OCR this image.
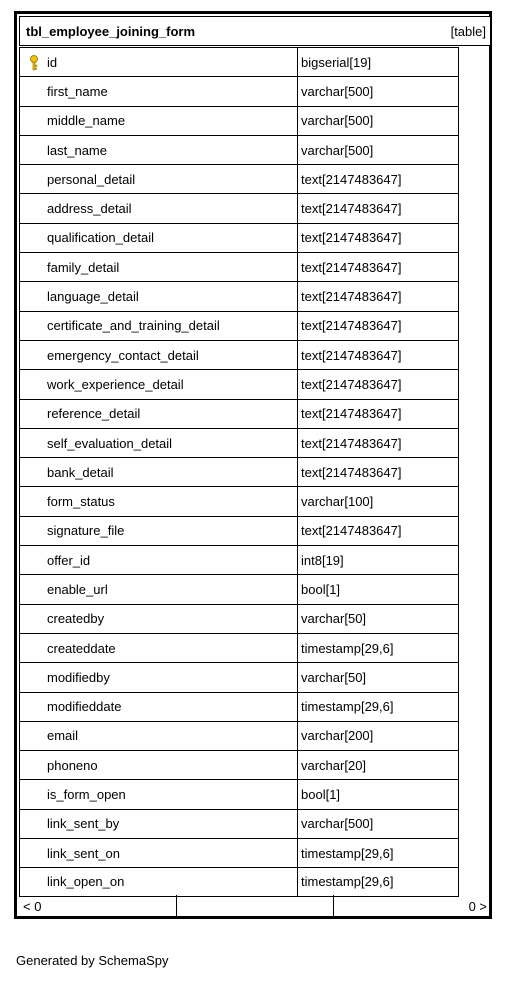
tbl_employee_joining_form	[table]
id	bigserial[19]
first_name	varchar[500]
middle_name	varchar[500]
last_name	varchar[500]
personal_detail	text[2147483647]
address_detail	text[2147483647]
qualification_detail	text[2147483647]
family_detail	text[2147483647]
language_detail	text[2147483647]
certificate_and_training_detail	text[2147483647]
emergency_contact_detail	text[2147483647]
work_experience_detail	text[2147483647]
reference_detail	text[2147483647]
self_evaluation_detail	text[2147483647]
bank_detail	text[2147483647]
form_status	varchar[100]
signature_file	text[2147483647]
offer_id	int8[19]
enable_url	bool[1]
createdby	varchar[50]
createddate	timestamp[29,6]
modifiedby	varchar[50]
modifieddate	timestamp[29,6]
email	varchar[200]
phoneno	varchar[20]
is_form_open	bool[1]
link_sent_by	varchar[500]
link_sent_on	timestamp[29,6]
link_open_on	timestamp[29,6]
< 0	0 >
Generated by SchemaSpy
